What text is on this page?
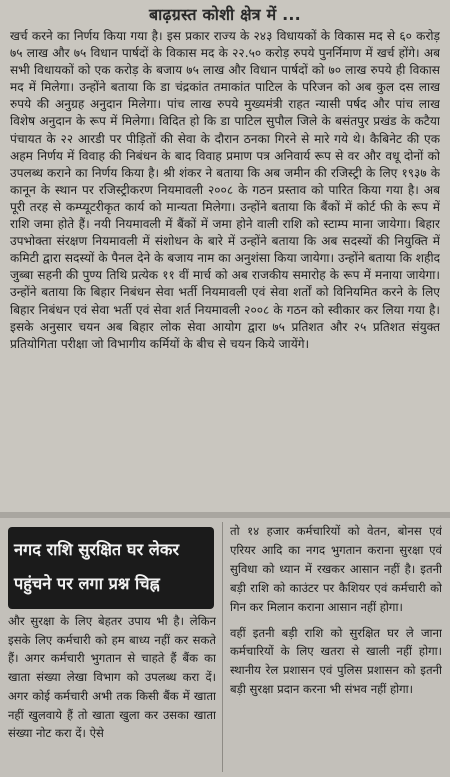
बाढ़ग्रस्त कोशी क्षेत्र में ...

खर्च करने का निर्णय किया गया है। इस प्रकार राज्य के २४३ विधायकों के विकास मद से ६० करोड़ ७५ लाख और ७५ विधान पार्षदों के विकास मद के २२.५० करोड़ रुपये पुनर्निमाण में खर्च होंगे। अब सभी विधायकों को एक करोड़ के बजाय ७५ लाख और विधान पार्षदों को ७० लाख रुपये ही विकास मद में मिलेगा। उन्होंने बताया कि डा चंद्रकांत तमाकांत पाटिल के परिजन को अब कुल दस लाख रुपये की अनुग्रह अनुदान मिलेगा। पांच लाख रुपये मुख्यमंत्री राहत न्यासी पर्षद और पांच लाख विशेष अनुदान के रूप में मिलेगा। विदित हो कि डा पाटिल सुपौल जिले के बसंतपुर प्रखंड के कटैया पंचायत के २२ आरडी पर पीड़ितों की सेवा के दौरान ठनका गिरने से मारे गये थे। कैबिनेट की एक अहम निर्णय में विवाह की निबंधन के बाद विवाह प्रमाण पत्र अनिवार्य रूप से वर और वधू दोनों को उपलब्ध कराने का निर्णय किया है। श्री शंकर ने बताया कि अब जमीन की रजिस्ट्री के लिए १९३७ के कानून के स्थान पर रजिस्ट्रीकरण नियमावली २००८ के गठन प्रस्ताव को पारित किया गया है। अब पूरी तरह से कम्प्यूटरीकृत कार्य को मान्यता मिलेगा। उन्होंने बताया कि बैंकों में कोर्ट फी के रूप में राशि जमा होते हैं। नयी नियमावली में बैंकों में जमा होने वाली राशि को स्टाम्प माना जायेगा। बिहार उपभोक्ता संरक्षण नियमावली में संशोधन के बारे में उन्होंने बताया कि अब सदस्यों की नियुक्ति में कमिटी द्वारा सदस्यों के पैनल देने के बजाय नाम का अनुशंसा किया जायेगा। उन्होंने बताया कि शहीद जुब्बा सहनी की पुण्य तिथि प्रत्येक ११ वीं मार्च को अब राजकीय समारोह के रूप में मनाया जायेगा। उन्होंने बताया कि बिहार निबंधन सेवा भर्ती नियमावली एवं सेवा शर्तों को विनियमित करने के लिए बिहार निबंधन एवं सेवा भर्ती एवं सेवा शर्त नियमावली २००८ के गठन को स्वीकार कर लिया गया है। इसके अनुसार चयन अब बिहार लोक सेवा आयोग द्वारा ७५ प्रतिशत और २५ प्रतिशत संयुक्त प्रतियोगिता परीक्षा जो विभागीय कर्मियों के बीच से चयन किये जायेंगे।

नगद राशि सुरक्षित घर लेकर पहुंचने पर लगा प्रश्न चिह्न

और सुरक्षा के लिए बेहतर उपाय भी है। लेकिन इसके लिए कर्मचारी को हम बाध्य नहीं कर सकते हैं। अगर कर्मचारी भुगतान से चाहते हैं बैंक का खाता संख्या लेखा विभाग को उपलब्ध करा दें। अगर कोई कर्मचारी अभी तक किसी बैंक में खाता नहीं खुलवाये हैं तो खाता खुला कर उसका खाता संख्या नोट करा दें। ऐसे

तो १४ हजार कर्मचारियों को वेतन, बोनस एवं एरियर आदि का नगद भुगतान कराना सुरक्षा एवं सुविधा को ध्यान में रखकर आसान नहीं है। इतनी बड़ी राशि को काउंटर पर कैशियर एवं कर्मचारी को गिन कर मिलान कराना आसान नहीं होगा।

वहीं इतनी बड़ी राशि को सुरक्षित घर ले जाना कर्मचारियों के लिए खतरा से खाली नहीं होगा। स्थानीय रेल प्रशासन एवं पुलिस प्रशासन को इतनी बड़ी सुरक्षा प्रदान करना भी संभव नहीं होगा।
